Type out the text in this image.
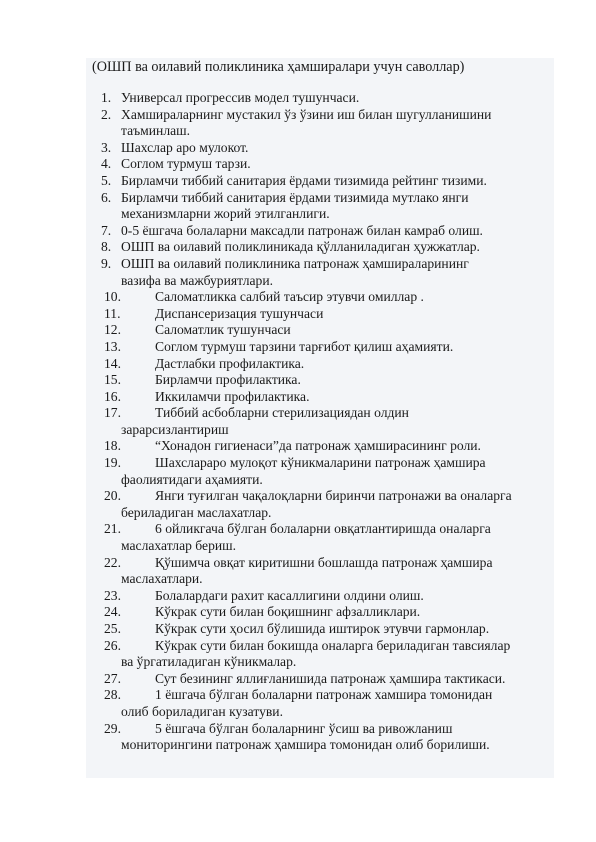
(ОШП ва оилавий поликлиника ҳамширалари учун саволлар)
1. Универсал прогрессив модел тушунчаси.
2. Хамшираларнинг мустакил ўз ўзини иш билан шугулланишини
таъминлаш.
3. Шахслар аро мулокот.
4. Соглом турмуш тарзи.
5. Бирламчи тиббий санитария ёрдами тизимида рейтинг тизими.
6. Бирламчи тиббий санитария ёрдами тизимида мутлако янги
механизмларни жорий этилганлиги.
7. 0-5 ёшгача болаларни максадли патронаж билан камраб олиш.
8. ОШП ва оилавий поликлиникада қўлланиладиган ҳужжатлар.
9. ОШП ва оилавий поликлиника патронаж ҳамшираларининг
вазифа ва мажбуриятлари.
10.	Саломатликка салбий таъсир этувчи омиллар .
11.	Диспансеризация тушунчаси
12.	Саломатлик тушунчаси
13.	Соглом турмуш тарзини тарғибот қилиш аҳамияти.
14.	Дастлабки профилактика.
15.	Бирламчи профилактика.
16.	Иккиламчи профилактика.
17.	Тиббий асбобларни стерилизациядан олдин
зарарсизлантириш
18.	“Хонадон гигиенаси”да патронаж ҳамширасининг роли.
19.	Шахслараро мулоқот кўникмаларини патронаж ҳамшира
фаолиятидаги аҳамияти.
20.	Янги туғилган чақалоқларни биринчи патронажи ва оналарга
бериладиган маслахатлар.
21.	6 ойликгача бўлган болаларни овқатлантиришда оналарга
маслахатлар бериш.
22.	Қўшимча овқат киритишни бошлашда патронаж ҳамшира
маслахатлари.
23.	Болалардаги рахит касаллигини олдини олиш.
24.	Кўкрак сути билан боқишнинг афзалликлари.
25.	Кўкрак сути ҳосил бўлишида иштирок этувчи гармонлар.
26.	Кўкрак сути билан бокишда оналарга бериладиган тавсиялар
ва ўргатиладиган кўникмалар.
27.	Сут безининг яллиғланишида патронаж ҳамшира тактикаси.
28.	1 ёшгача бўлган болаларни патронаж хамшира томонидан
олиб бориладиган кузатуви.
29.	5 ёшгача бўлган болаларнинг ўсиш ва ривожланиш
мониторингини патронаж ҳамшира томонидан олиб борилиши.
